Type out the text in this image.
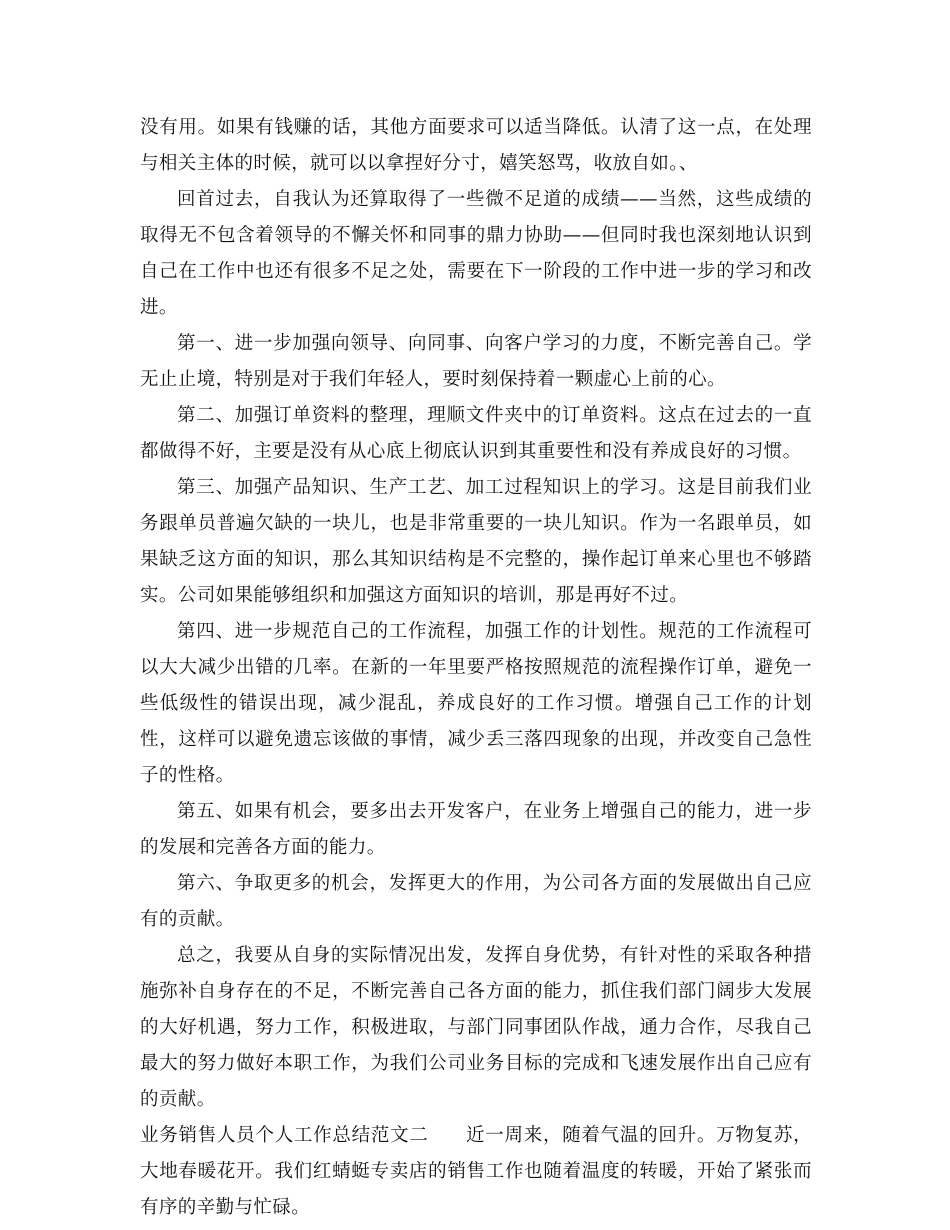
没有用。如果有钱赚的话，其他方面要求可以适当降低。认清了这一点，在处理与相关主体的时候，就可以以拿捏好分寸，嬉笑怒骂，收放自如。、

回首过去，自我认为还算取得了一些微不足道的成绩——当然，这些成绩的取得无不包含着领导的不懈关怀和同事的鼎力协助——但同时我也深刻地认识到自己在工作中也还有很多不足之处，需要在下一阶段的工作中进一步的学习和改进。

第一、进一步加强向领导、向同事、向客户学习的力度，不断完善自己。学无止止境，特别是对于我们年轻人，要时刻保持着一颗虚心上前的心。

第二、加强订单资料的整理，理顺文件夹中的订单资料。这点在过去的一直都做得不好，主要是没有从心底上彻底认识到其重要性和没有养成良好的习惯。

第三、加强产品知识、生产工艺、加工过程知识上的学习。这是目前我们业务跟单员普遍欠缺的一块儿，也是非常重要的一块儿知识。作为一名跟单员，如果缺乏这方面的知识，那么其知识结构是不完整的，操作起订单来心里也不够踏实。公司如果能够组织和加强这方面知识的培训，那是再好不过。

第四、进一步规范自己的工作流程，加强工作的计划性。规范的工作流程可以大大减少出错的几率。在新的一年里要严格按照规范的流程操作订单，避免一些低级性的错误出现，减少混乱，养成良好的工作习惯。增强自己工作的计划性，这样可以避免遗忘该做的事情，减少丢三落四现象的出现，并改变自己急性子的性格。

第五、如果有机会，要多出去开发客户，在业务上增强自己的能力，进一步的发展和完善各方面的能力。

第六、争取更多的机会，发挥更大的作用，为公司各方面的发展做出自己应有的贡献。

总之，我要从自身的实际情况出发，发挥自身优势，有针对性的采取各种措施弥补自身存在的不足，不断完善自己各方面的能力，抓住我们部门阔步大发展的大好机遇，努力工作，积极进取，与部门同事团队作战，通力合作，尽我自己最大的努力做好本职工作，为我们公司业务目标的完成和飞速发展作出自己应有的贡献。

业务销售人员个人工作总结范文二 近一周来，随着气温的回升。万物复苏，大地春暖花开。我们红蜻蜓专卖店的销售工作也随着温度的转暖，开始了紧张而有序的辛勤与忙碌。
